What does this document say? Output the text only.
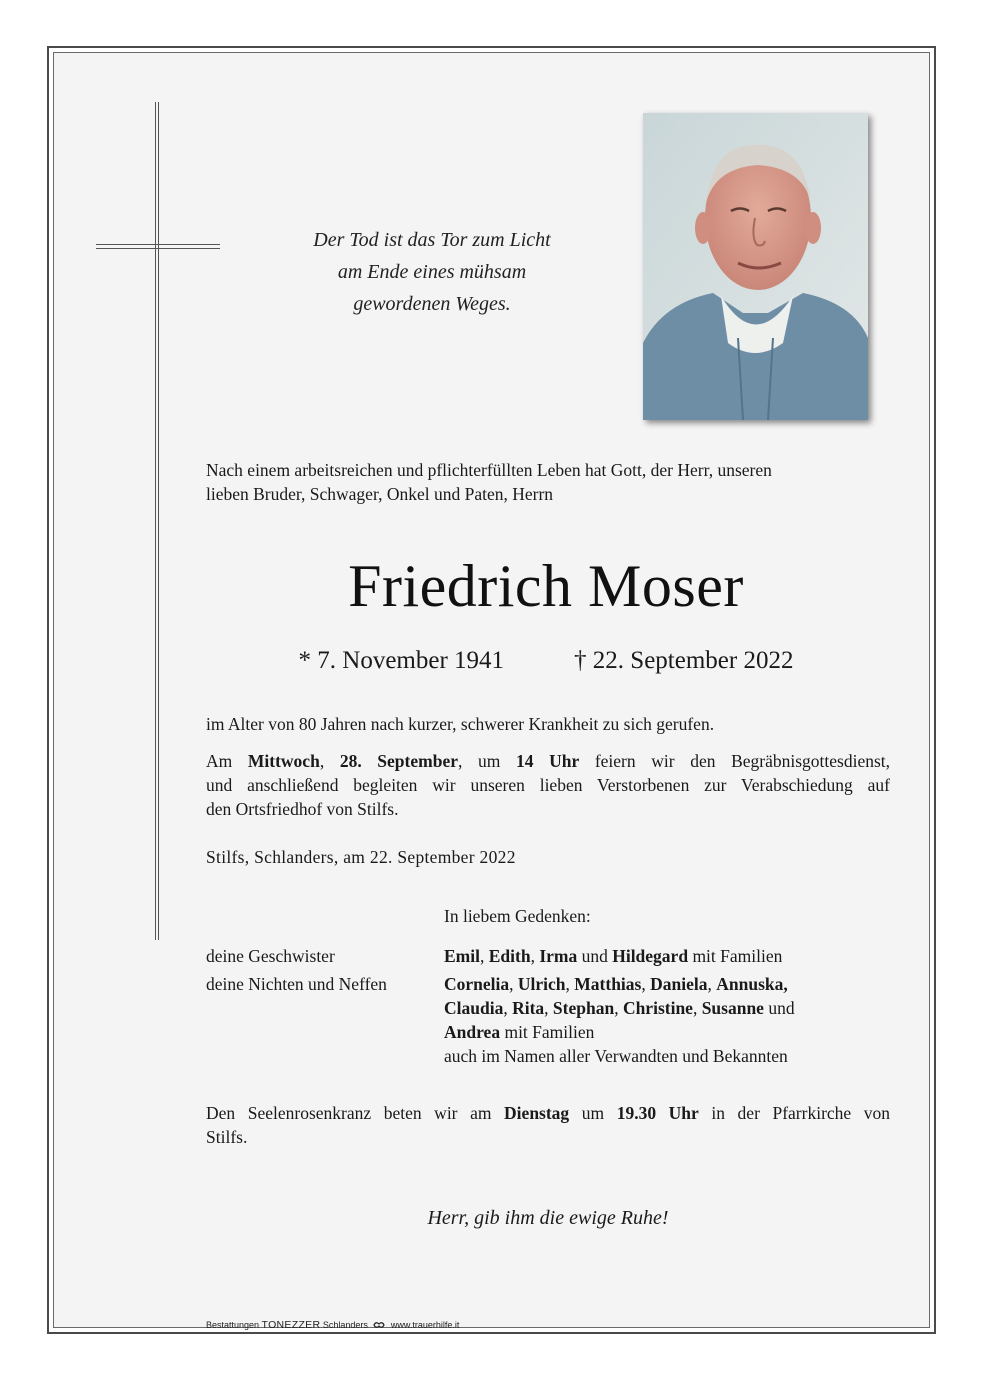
Der Tod ist das Tor zum Licht
am Ende eines mühsam
gewordenen Weges.
Nach einem arbeitsreichen und pflichterfüllten Leben hat Gott, der Herr, unseren
lieben Bruder, Schwager, Onkel und Paten, Herrn
Friedrich Moser
* 7. November 1941	† 22. September 2022
im Alter von 80 Jahren nach kurzer, schwerer Krankheit zu sich gerufen.
Am Mittwoch, 28. September, um 14 Uhr feiern wir den Begräbnisgottesdienst,
und anschließend begleiten wir unseren lieben Verstorbenen zur Verabschiedung auf
den Ortsfriedhof von Stilfs.
Stilfs, Schlanders, am 22. September 2022
In liebem Gedenken:
deine Geschwister	Emil, Edith, Irma und Hildegard mit Familien
deine Nichten und Neffen	Cornelia, Ulrich, Matthias, Daniela, Annuska,
Claudia, Rita, Stephan, Christine, Susanne und
Andrea mit Familien
auch im Namen aller Verwandten und Bekannten
Den Seelenrosenkranz beten wir am Dienstag um 19.30 Uhr in der Pfarrkirche von
Stilfs.
Herr, gib ihm die ewige Ruhe!
Bestattungen TONEZZER Schlanders	www.trauerhilfe.it
